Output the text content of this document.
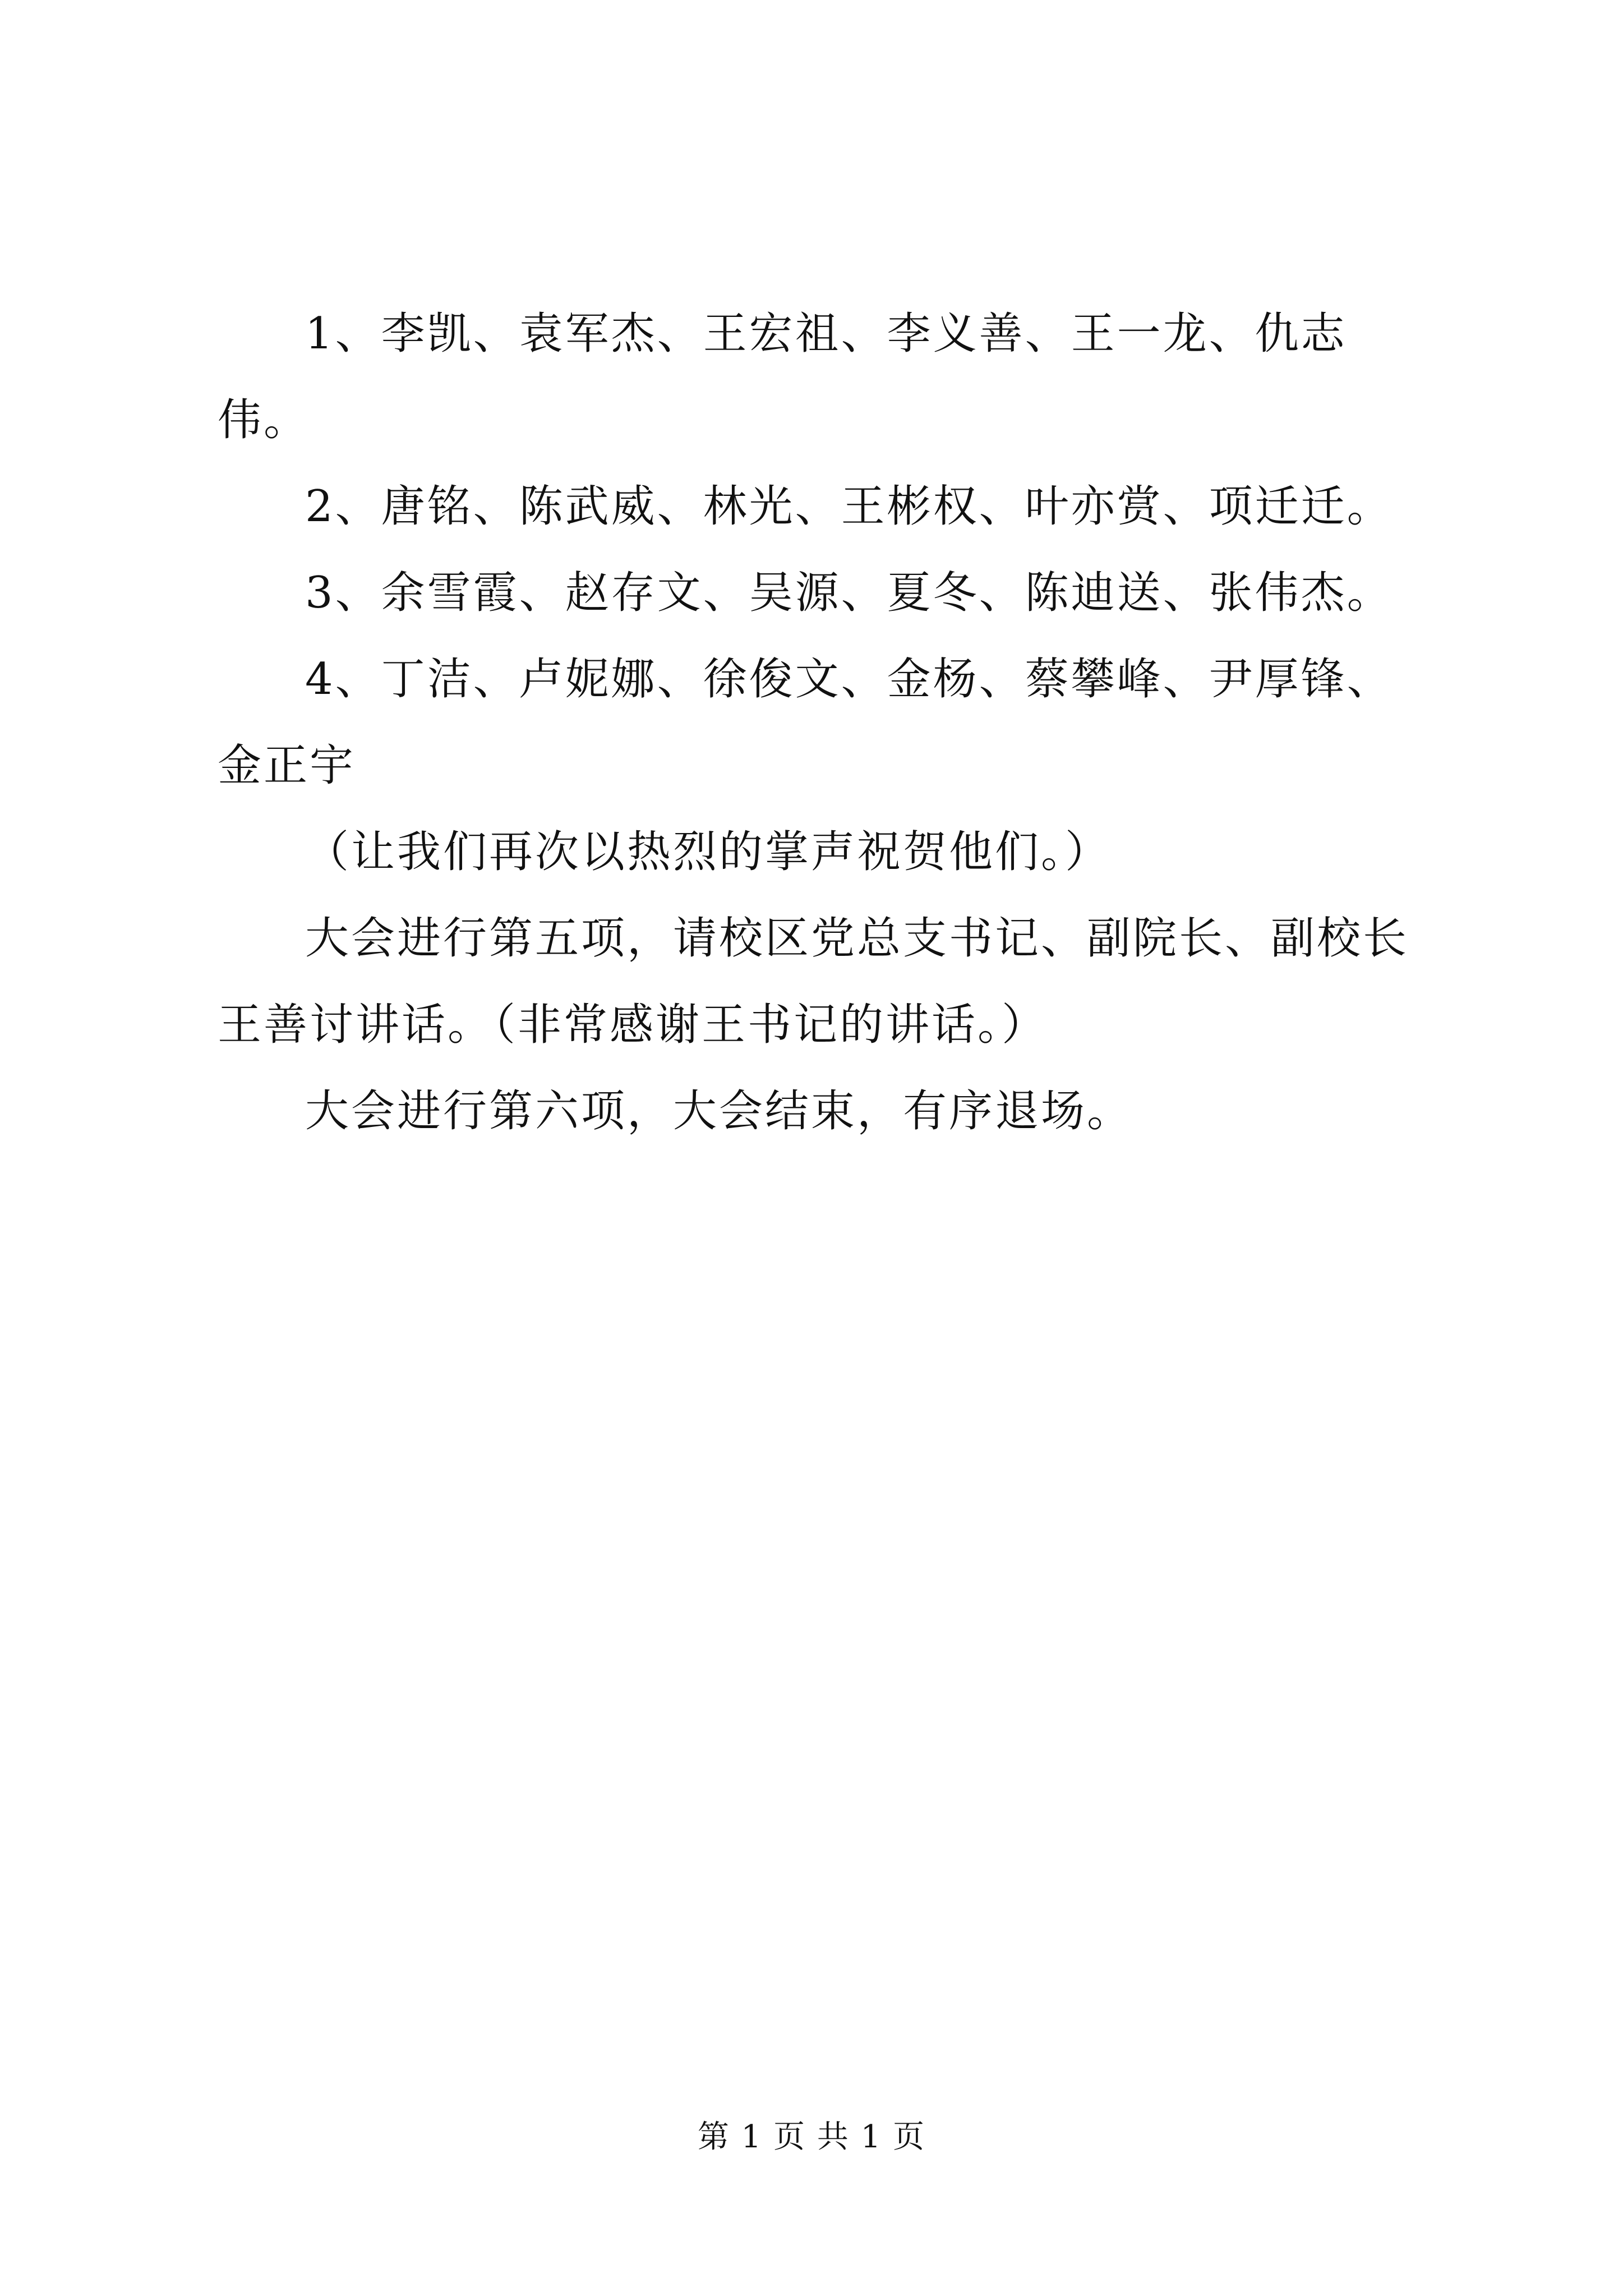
1、李凯、袁军杰、王宏祖、李义善、王一龙、仇志伟。

2、唐铭、陈武威、林光、王彬权、叶亦赏、项迁迁。

3、余雪霞、赵存文、吴源、夏冬、陈迪送、张伟杰。

4、丁洁、卢妮娜、徐俊文、金杨、蔡攀峰、尹厚锋、金正宇

（让我们再次以热烈的掌声祝贺他们。）

大会进行第五项，请校区党总支书记、副院长、副校长王善讨讲话。（非常感谢王书记的讲话。）

大会进行第六项，大会结束，有序退场。

第 1 页 共 1 页
